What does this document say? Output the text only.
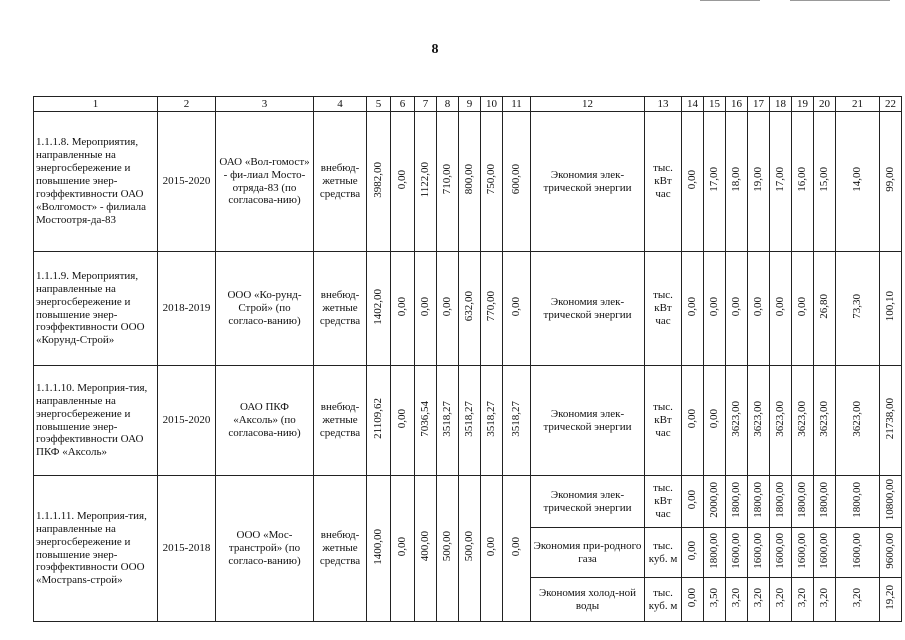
8
1	2	3	4	5	6	7	8	9	10	11	12	13	14	15	16	17	18	19	20	21	22
1.1.1.8. Мероприятия, направленные на энергосбережение и повышение энер-гоэффективности ОАО «Волгомост» - филиала Мостоотря-да-83	2015-2020	ОАО «Вол-гомост» - фи-лиал Мосто-отряда-83 (по согласова-нию)	внебюд-жетные средства	3982,00	0,00	1122,00	710,00	800,00	750,00	600,00	Экономия элек-трической энергии	тыс. кВт час	0,00	17,00	18,00	19,00	17,00	16,00	15,00	14,00	99,00
1.1.1.9. Мероприятия, направленные на энергосбережение и повышение энер-гоэффективности ООО «Корунд-Строй»	2018-2019	ООО «Ко-рунд-Строй» (по согласо-ванию)	внебюд-жетные средства	1402,00	0,00	0,00	0,00	632,00	770,00	0,00	Экономия элек-трической энергии	тыс. кВт час	0,00	0,00	0,00	0,00	0,00	0,00	26,80	73,30	100,10
1.1.1.10. Мероприя-тия, направленные на энергосбережение и повышение энер-гоэффективности ОАО ПКФ «Аксоль»	2015-2020	ОАО ПКФ «Аксоль» (по согласова-нию)	внебюд-жетные средства	21109,62	0,00	7036,54	3518,27	3518,27	3518,27	3518,27	Экономия элек-трической энергии	тыс. кВт час	0,00	0,00	3623,00	3623,00	3623,00	3623,00	3623,00	3623,00	21738,00
1.1.1.11. Мероприя-тия, направленные на энергосбережение и повышение энер-гоэффективности ООО «Мострans-строй»	2015-2018	ООО «Мос-транстрой» (по согласо-ванию)	внебюд-жетные средства	1400,00	0,00	400,00	500,00	500,00	0,00	0,00	Экономия элек-трической энергии	тыс. кВт час	0,00	2000,00	1800,00	1800,00	1800,00	1800,00	1800,00	1800,00	10800,00
											Экономия при-родного газа	тыс. куб. м	0,00	1800,00	1600,00	1600,00	1600,00	1600,00	1600,00	1600,00	9600,00
											Экономия холод-ной воды	тыс. куб. м	0,00	3,50	3,20	3,20	3,20	3,20	3,20	3,20	19,20
